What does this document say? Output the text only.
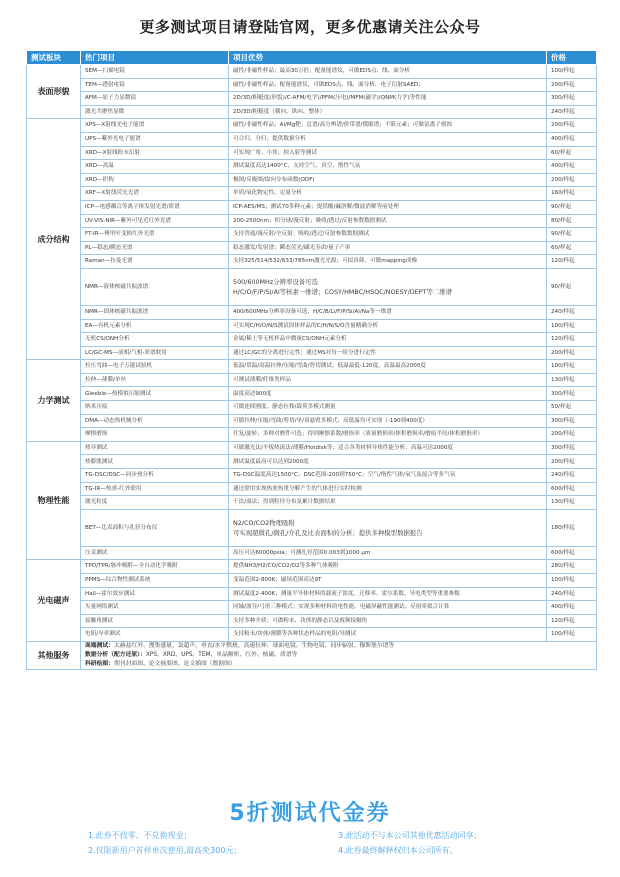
更多测试项目请登陆官网，更多优惠请关注公众号
测试板块	热门项目	项目优势	价格
表面形貌	SEM—扫描电镜	磁性/非磁性样品；最高30万倍；配备能谱仪，可做EDS点、线、面分析	100/样起
	TEM—透射电镜	磁性/非磁性样品；配备能谱仪，可做EDS点、线、面分析，电子衍射SAED；	200/样起
	AFM—原子力显微镜	2D/3D/粗糙度(形貌)/C-AFM/电学)/PFM(压电)/MFM(磁学)/QNM(力学)等性能	300/样起
	激光共聚焦显微	2D/3D/粗糙度（横向、纵向、整体）	240/样起
成分结构	XPS—X射线光电子能谱	磁性/非磁性样品；Al/Mg靶；总谱/高分辨谱/价带谱/俄歇谱；不限元素；可做氩离子刻蚀	200/样起
	UPS—紫外光电子能谱	可合归、分归；提供数据分析	400/样起
	XRD—X射线粉末衍射	可实现广角、小角、掠入射等测试	60/样起
	XRD—高温	测试温度高达1400°C；支持空气、真空、惰性气氛	400/样起
	XRD—织构	极图/反极图/取向分布函数(ODF)	200/样起
	XRF—X射线荧光光谱	单质/氧化物定性、定量分析	160/样起
	ICP—电感耦合等离子体发射光谱/质谱	ICP-AES/MS；测试70多种元素；提供酸/碱溶解/微波消解等前处理	90/样起
	UV-VIS-NIR—紫外可见近红外光谱	200-2500nm；积分球/漫反射；吸收/透过/反射参数数据测试	80/样起
	FT-IR—傅里叶变换红外光谱	支持普通/漫反射/全反射；吸收/透过/反射参数数据测试	90/样起
	PL—稳态/瞬态光谱	稳态激发/发射谱；瞬态荧光/磷光寿命/量子产率	60/样起
	Raman—拉曼光谱	支持325/514/532/633/785nm激光光源；可拟真筛、可做mapping成像	120/样起
	NMR—液体核磁共振波谱	500/600MHz分辨率设备可选
H/C/O/F/P/Si/Al等核素一维谱；COSY/HMBC/HSQC/NOESY/DEPT等二维谱	90/样起
	NMR—固体核磁共振波谱	400/600MHz分辨率设备可选；H/C/B/Li/F/P/Si/Al/Na等一维谱	240/样起
	EA—有机元素分析	可实现C/H/O/N/S测试固体样品的C/H/N/S/O含量精确分析	100/样起
	无机CS/ONH分析	金属/稀土等无机样品中微量CS/ONH元素分析	120/样起
	LC/GC-MS—液相/气相-质谱联用	通过LC/GC的分离进行定性；通过MS对每一组分进行定性	200/样起
力学测试	拉压弯曲—电子万能试验机	低温/常温/高温拉伸/压缩/弯曲/剪切测试；低温最低-120度，高温最高2000度	100/样起
	拉伸—薄膜/单丝	可测试薄膜/纤维类样品	130/样起
	Gleeble—热模拟压缩测试	温度高达900度	300/样起
	纳米压痕	可做连续刚度、静态位移/载荷多模式测量	50/样起
	DMA—动态热机械分析	可做拉伸/压缩/弯曲/剪切/单/双悬臂多模式；高低温均可实现（-190到400度）	300/样起
	摩擦磨损	往复/旋转；多种对磨件可选；得到摩擦系数/磨损率（质量磨损率/体积磨损率/磨痕半径/体积磨损率）	200/样起
物理性能	热导测试	可做激光法/平板热流法/薄膜/Hotdisk等；适合各类材料导热性能分析；高温可达2000度	300/样起
	热膨胀测试	测试温度最高可以达到2000度	200/样起
	TG-DSC/DSC—同步热分析	TG-DSC温度高达1500°C；DSC范围-200到750°C；空气/惰性气体/氧气及混合等多气氛	240/样起
	TG-IR—热重-红外联用	通过联用实现热重热重分解产生的气体进行实时检测	600/样起
	激光粒度	干法/湿法；得到粒径分布及累计数据结果	130/样起
	BET—比表面积与孔径分布仪	N2/CO/CO2物理吸附
可实现超微孔/微孔/介孔及比表面积的分析；提供多种模型数据报告	180/样起
	压汞测试	高压可达60000psia；可测孔径范围0.003到1000 μm	600/样起
光电磁声	TPD/TPR/脉冲吸附—全自动化学吸附	提供NH3/H2/CO/CO2/O2等多种气体吸附	280/样起
	PPMS—综合物性测试系统	变温范围2-800K；磁场范围高达9T	100/样起
	Hall—霍尔效应测试	测试温度2-400K；测量半导体材料的载流子浓度、迁移率、霍尔系数、导电类型等重要参数	240/样起
	矢量网络测试	同轴/波导/弓形三种模式；实现多种材料的电性能、电磁屏蔽性能测试；反射率拟合计算	400/样起
	接触角测试	支持多种介质；可做粉末、块体的静态以及视频接触角	120/样起
	电阻/导率测试	支持粉末/块体/薄膜等各种状态样品的电阻/导测试	100/样起
其他服务	高端测试：太赫兹红外、搜集感量、氯超声、垂直/水平燃烧、高速拉伸、球面电镜、生物电镜、同步辐射、穆斯堡尔谱等
数据分析（配方还原）：XPS、XRD、UPS、TEM、单晶解析、红外、核磁、质谱等
科研绘图：期刊封面图、论文摘要图、论文插图（数据图）		
5折测试代金券
1.此券不找零、不兑换现金；	3.此活动不与本公司其他优惠活动同享；
2.仅限新用户首样单次使用,最高免300元；	4.此券最终解释权归本公司所有。
